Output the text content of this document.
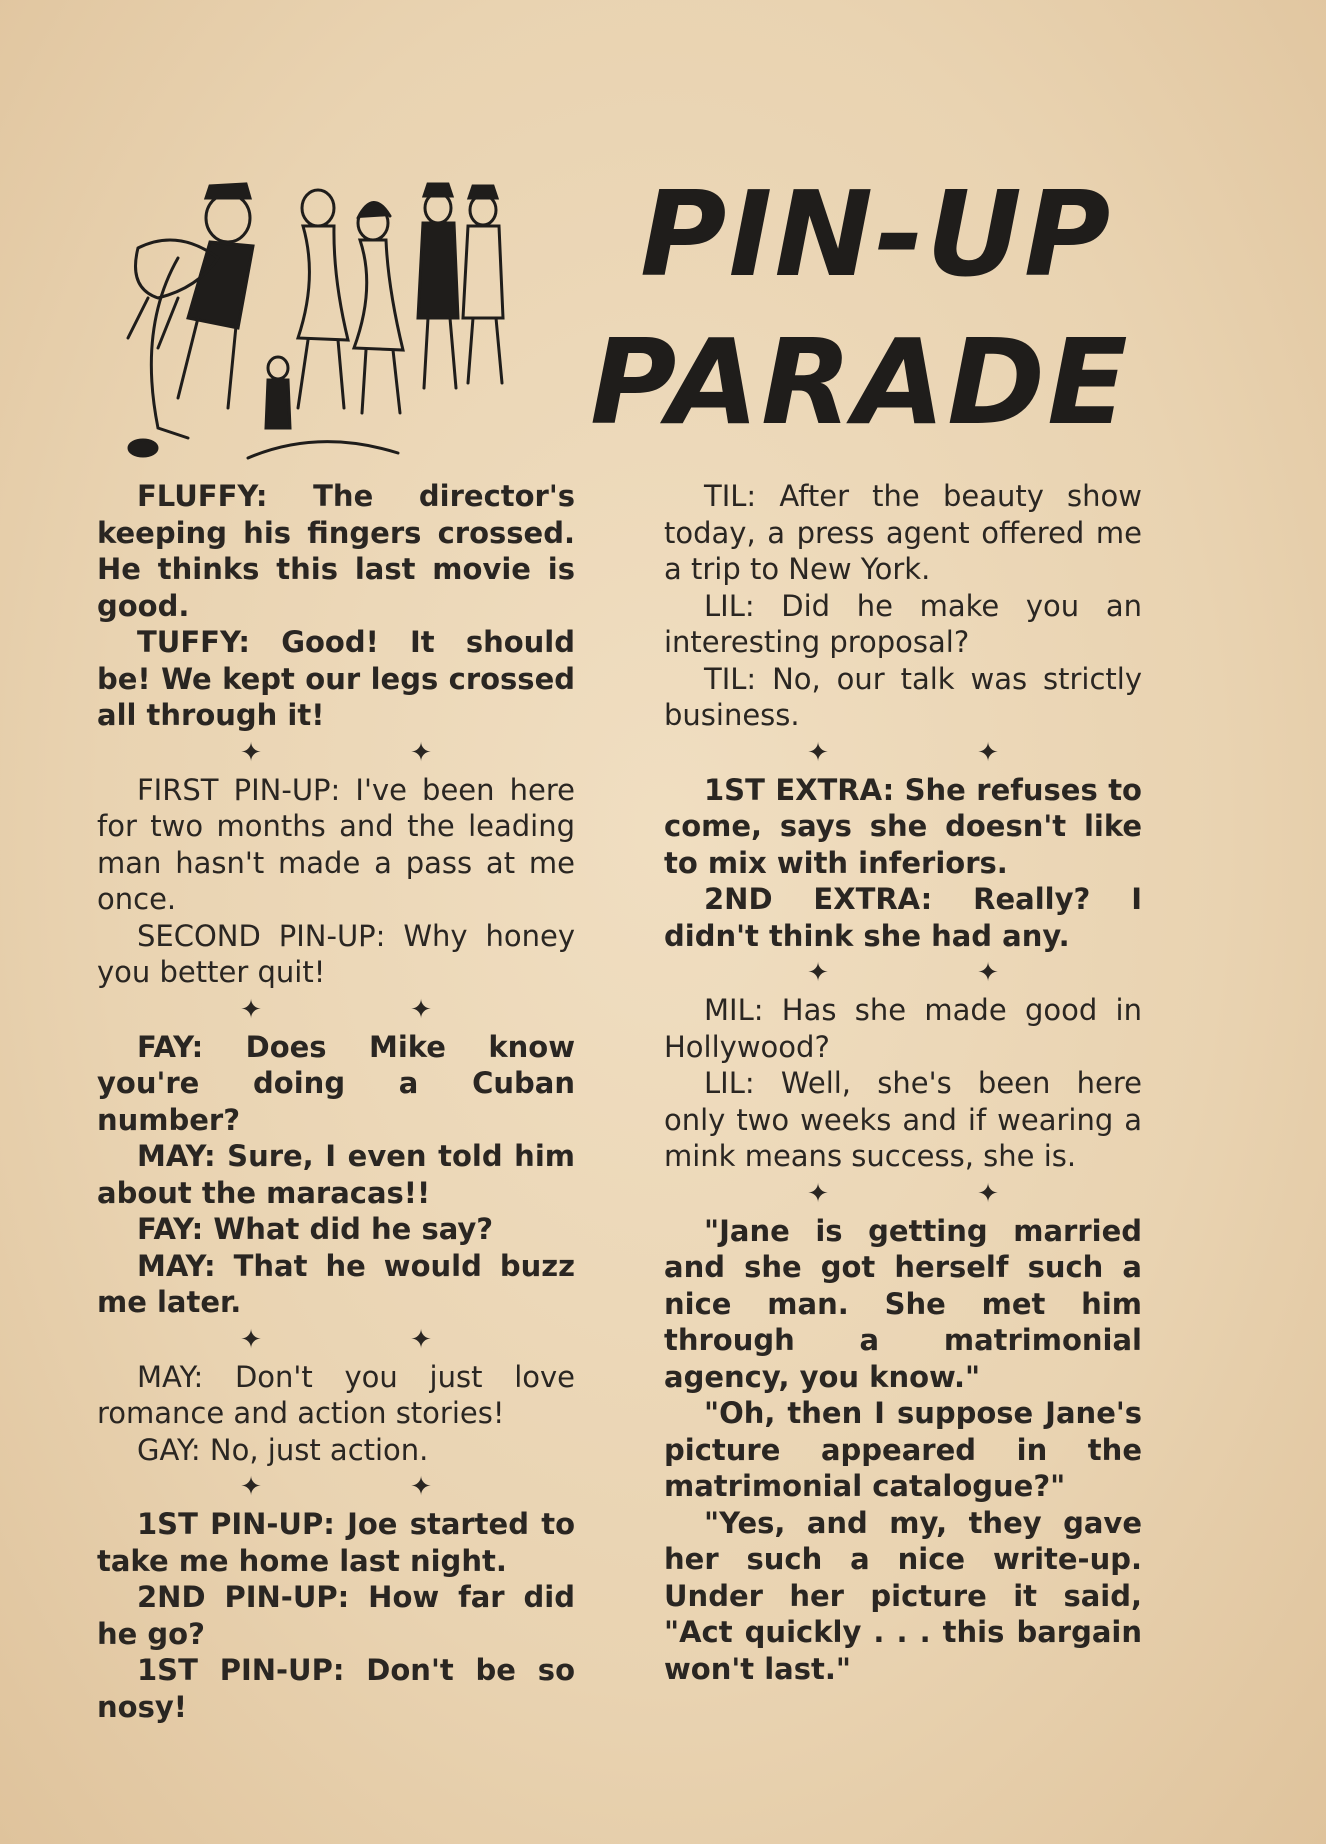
PIN-UP
PARADE

FLUFFY: The director's keeping his fingers crossed. He thinks this last movie is good.

TUFFY: Good! It should be! We kept our legs crossed all through it!

✦ ✦

FIRST PIN-UP: I've been here for two months and the leading man hasn't made a pass at me once.

SECOND PIN-UP: Why honey you better quit!

✦ ✦

FAY: Does Mike know you're doing a Cuban number?

MAY: Sure, I even told him about the maracas!!

FAY: What did he say?

MAY: That he would buzz me later.

✦ ✦

MAY: Don't you just love romance and action stories!

GAY: No, just action.

✦ ✦

1ST PIN-UP: Joe started to take me home last night.

2ND PIN-UP: How far did he go?

1ST PIN-UP: Don't be so nosy!

TIL: After the beauty show today, a press agent offered me a trip to New York.

LIL: Did he make you an interesting proposal?

TIL: No, our talk was strictly business.

✦ ✦

1ST EXTRA: She refuses to come, says she doesn't like to mix with inferiors.

2ND EXTRA: Really? I didn't think she had any.

✦ ✦

MIL: Has she made good in Hollywood?

LIL: Well, she's been here only two weeks and if wearing a mink means success, she is.

✦ ✦

"Jane is getting married and she got herself such a nice man. She met him through a matrimonial agency, you know."

"Oh, then I suppose Jane's picture appeared in the matrimonial catalogue?"

"Yes, and my, they gave her such a nice write-up. Under her picture it said, "Act quickly . . . this bargain won't last."
